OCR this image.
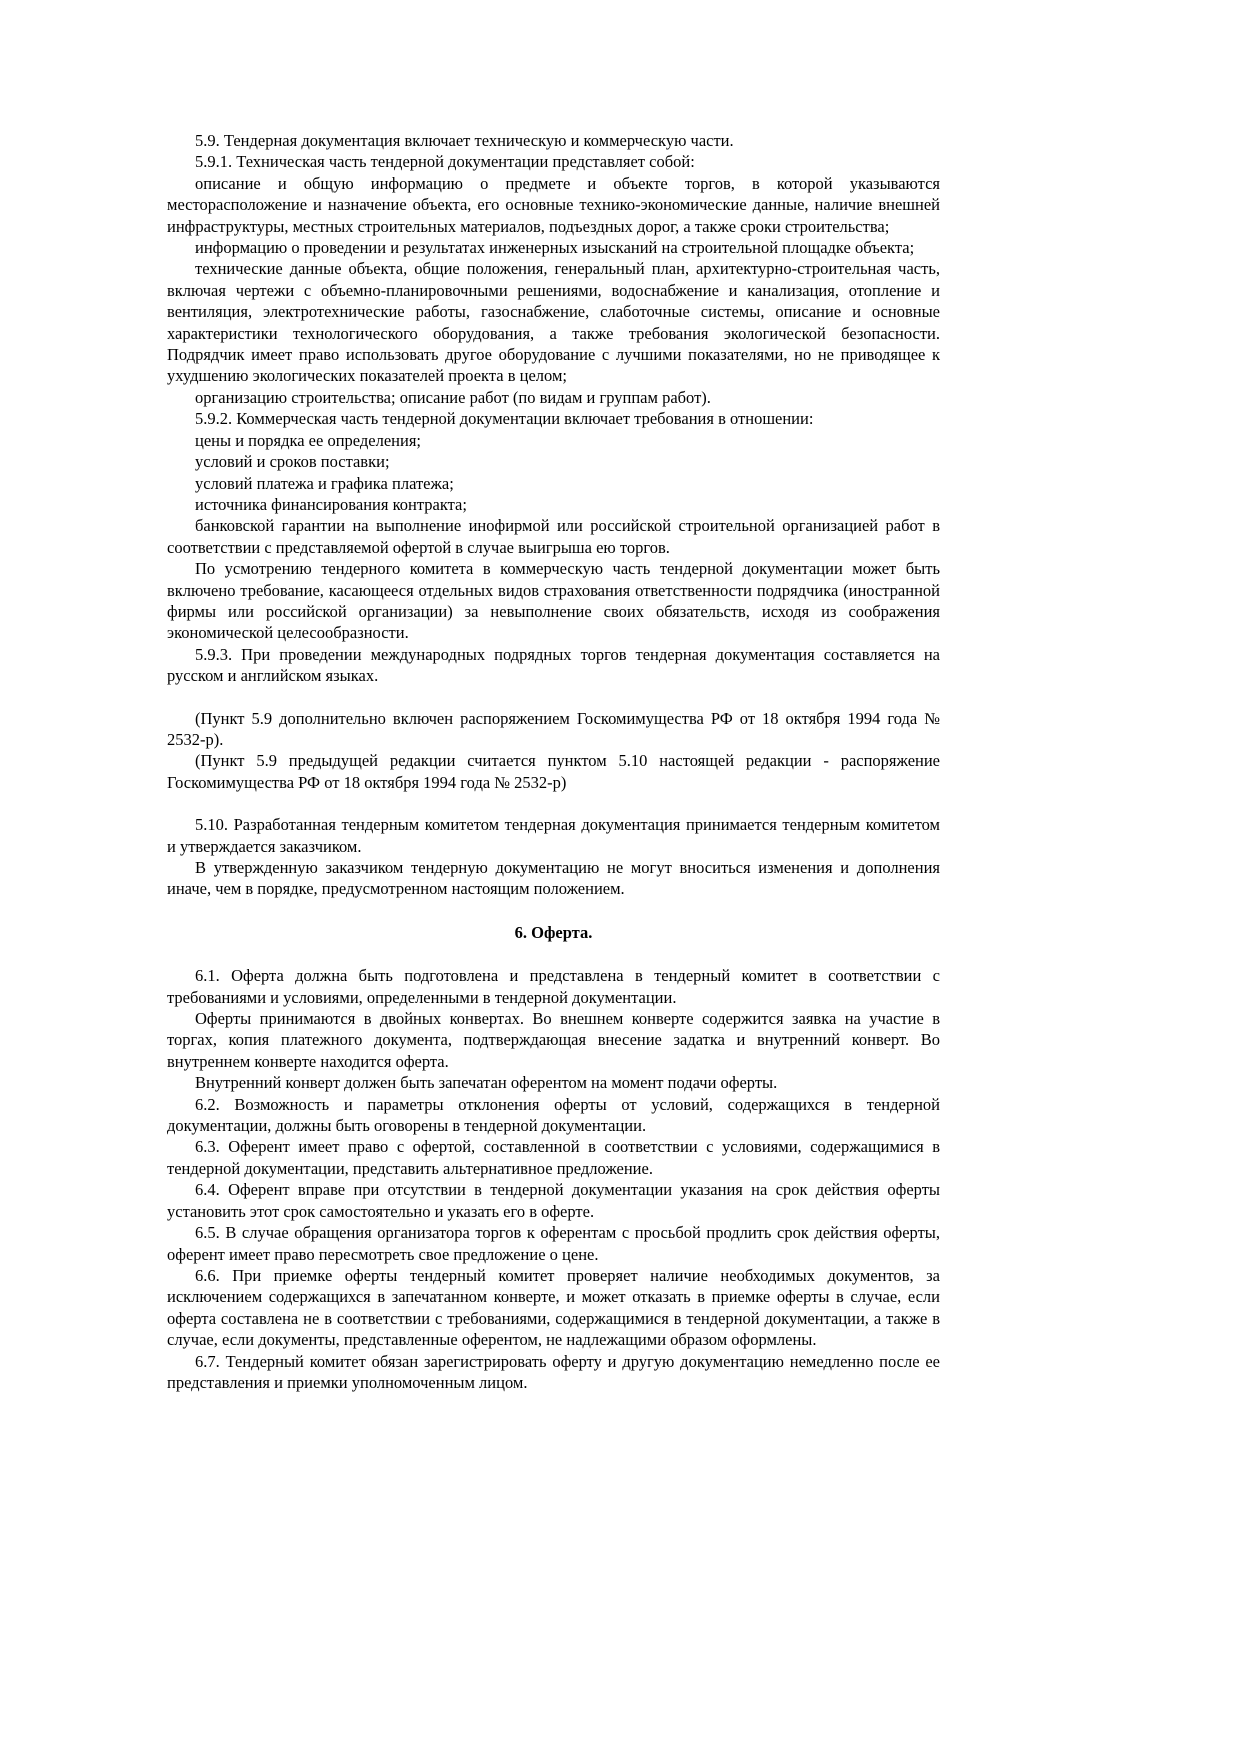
5.9. Тендерная документация включает техническую и коммерческую части.

5.9.1. Техническая часть тендерной документации представляет собой:

описание и общую информацию о предмете и объекте торгов, в которой указываются месторасположение и назначение объекта, его основные технико-экономические данные, наличие внешней инфраструктуры, местных строительных материалов, подъездных дорог, а также сроки строительства;

информацию о проведении и результатах инженерных изысканий на строительной площадке объекта;

технические данные объекта, общие положения, генеральный план, архитектурно-строительная часть, включая чертежи с объемно-планировочными решениями, водоснабжение и канализация, отопление и вентиляция, электротехнические работы, газоснабжение, слаботочные системы, описание и основные характеристики технологического оборудования, а также требования экологической безопасности. Подрядчик имеет право использовать другое оборудование с лучшими показателями, но не приводящее к ухудшению экологических показателей проекта в целом;

организацию строительства; описание работ (по видам и группам работ).

5.9.2. Коммерческая часть тендерной документации включает требования в отношении:

цены и порядка ее определения;

условий и сроков поставки;

условий платежа и графика платежа;

источника финансирования контракта;

банковской гарантии на выполнение инофирмой или российской строительной организацией работ в соответствии с представляемой офертой в случае выигрыша ею торгов.

По усмотрению тендерного комитета в коммерческую часть тендерной документации может быть включено требование, касающееся отдельных видов страхования ответственности подрядчика (иностранной фирмы или российской организации) за невыполнение своих обязательств, исходя из соображения экономической целесообразности.

5.9.3. При проведении международных подрядных торгов тендерная документация составляется на русском и английском языках.

(Пункт 5.9 дополнительно включен распоряжением Госкомимущества РФ от 18 октября 1994 года № 2532-р).

(Пункт 5.9 предыдущей редакции считается пунктом 5.10 настоящей редакции - распоряжение Госкомимущества РФ от 18 октября 1994 года № 2532-р)

5.10. Разработанная тендерным комитетом тендерная документация принимается тендерным комитетом и утверждается заказчиком.

В утвержденную заказчиком тендерную документацию не могут вноситься изменения и дополнения иначе, чем в порядке, предусмотренном настоящим положением.

6. Оферта.

6.1. Оферта должна быть подготовлена и представлена в тендерный комитет в соответствии с требованиями и условиями, определенными в тендерной документации.

Оферты принимаются в двойных конвертах. Во внешнем конверте содержится заявка на участие в торгах, копия платежного документа, подтверждающая внесение задатка и внутренний конверт. Во внутреннем конверте находится оферта.

Внутренний конверт должен быть запечатан оферентом на момент подачи оферты.

6.2. Возможность и параметры отклонения оферты от условий, содержащихся в тендерной документации, должны быть оговорены в тендерной документации.

6.3. Оферент имеет право с офертой, составленной в соответствии с условиями, содержащимися в тендерной документации, представить альтернативное предложение.

6.4. Оферент вправе при отсутствии в тендерной документации указания на срок действия оферты установить этот срок самостоятельно и указать его в оферте.

6.5. В случае обращения организатора торгов к оферентам с просьбой продлить срок действия оферты, оферент имеет право пересмотреть свое предложение о цене.

6.6. При приемке оферты тендерный комитет проверяет наличие необходимых документов, за исключением содержащихся в запечатанном конверте, и может отказать в приемке оферты в случае, если оферта составлена не в соответствии с требованиями, содержащимися в тендерной документации, а также в случае, если документы, представленные оферентом, не надлежащими образом оформлены.

6.7. Тендерный комитет обязан зарегистрировать оферту и другую документацию немедленно после ее представления и приемки уполномоченным лицом.
